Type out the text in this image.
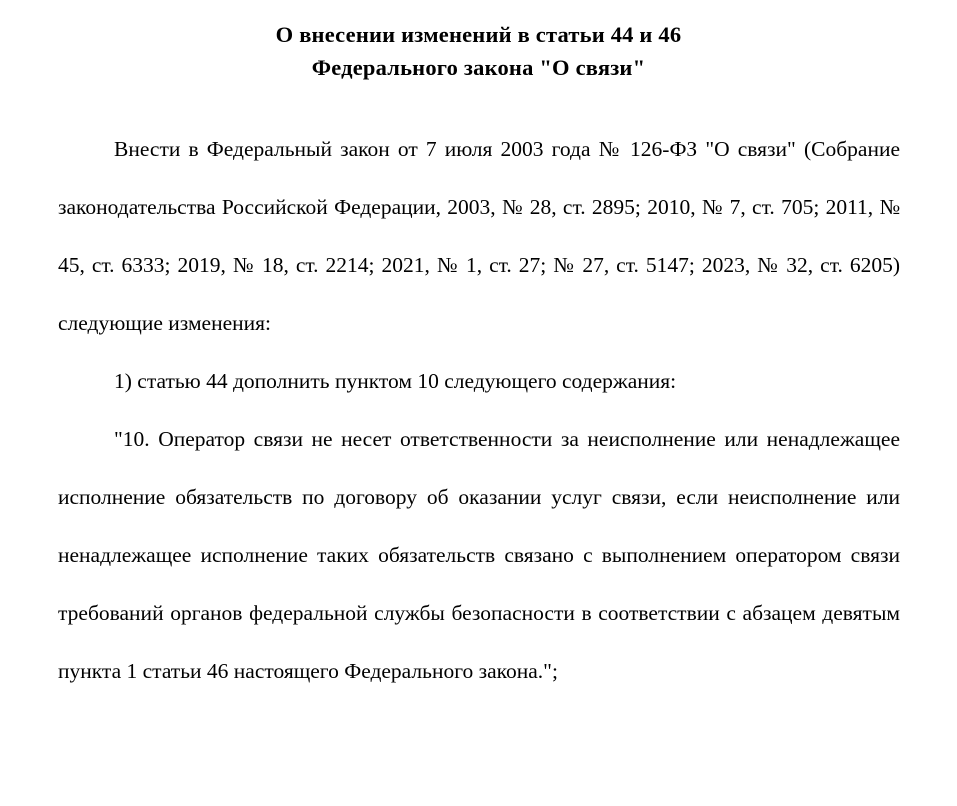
О внесении изменений в статьи 44 и 46
Федерального закона "О связи"

Внести в Федеральный закон от 7 июля 2003 года № 126-ФЗ "О связи" (Собрание законодательства Российской Федерации, 2003, № 28, ст. 2895; 2010, № 7, ст. 705; 2011, № 45, ст. 6333; 2019, № 18, ст. 2214; 2021, № 1, ст. 27; № 27, ст. 5147; 2023, № 32, ст. 6205) следующие изменения:

1) статью 44 дополнить пунктом 10 следующего содержания:

"10. Оператор связи не несет ответственности за неисполнение или ненадлежащее исполнение обязательств по договору об оказании услуг связи, если неисполнение или ненадлежащее исполнение таких обязательств связано с выполнением оператором связи требований органов федеральной службы безопасности в соответствии с абзацем девятым пункта 1 статьи 46 настоящего Федерального закона.";
